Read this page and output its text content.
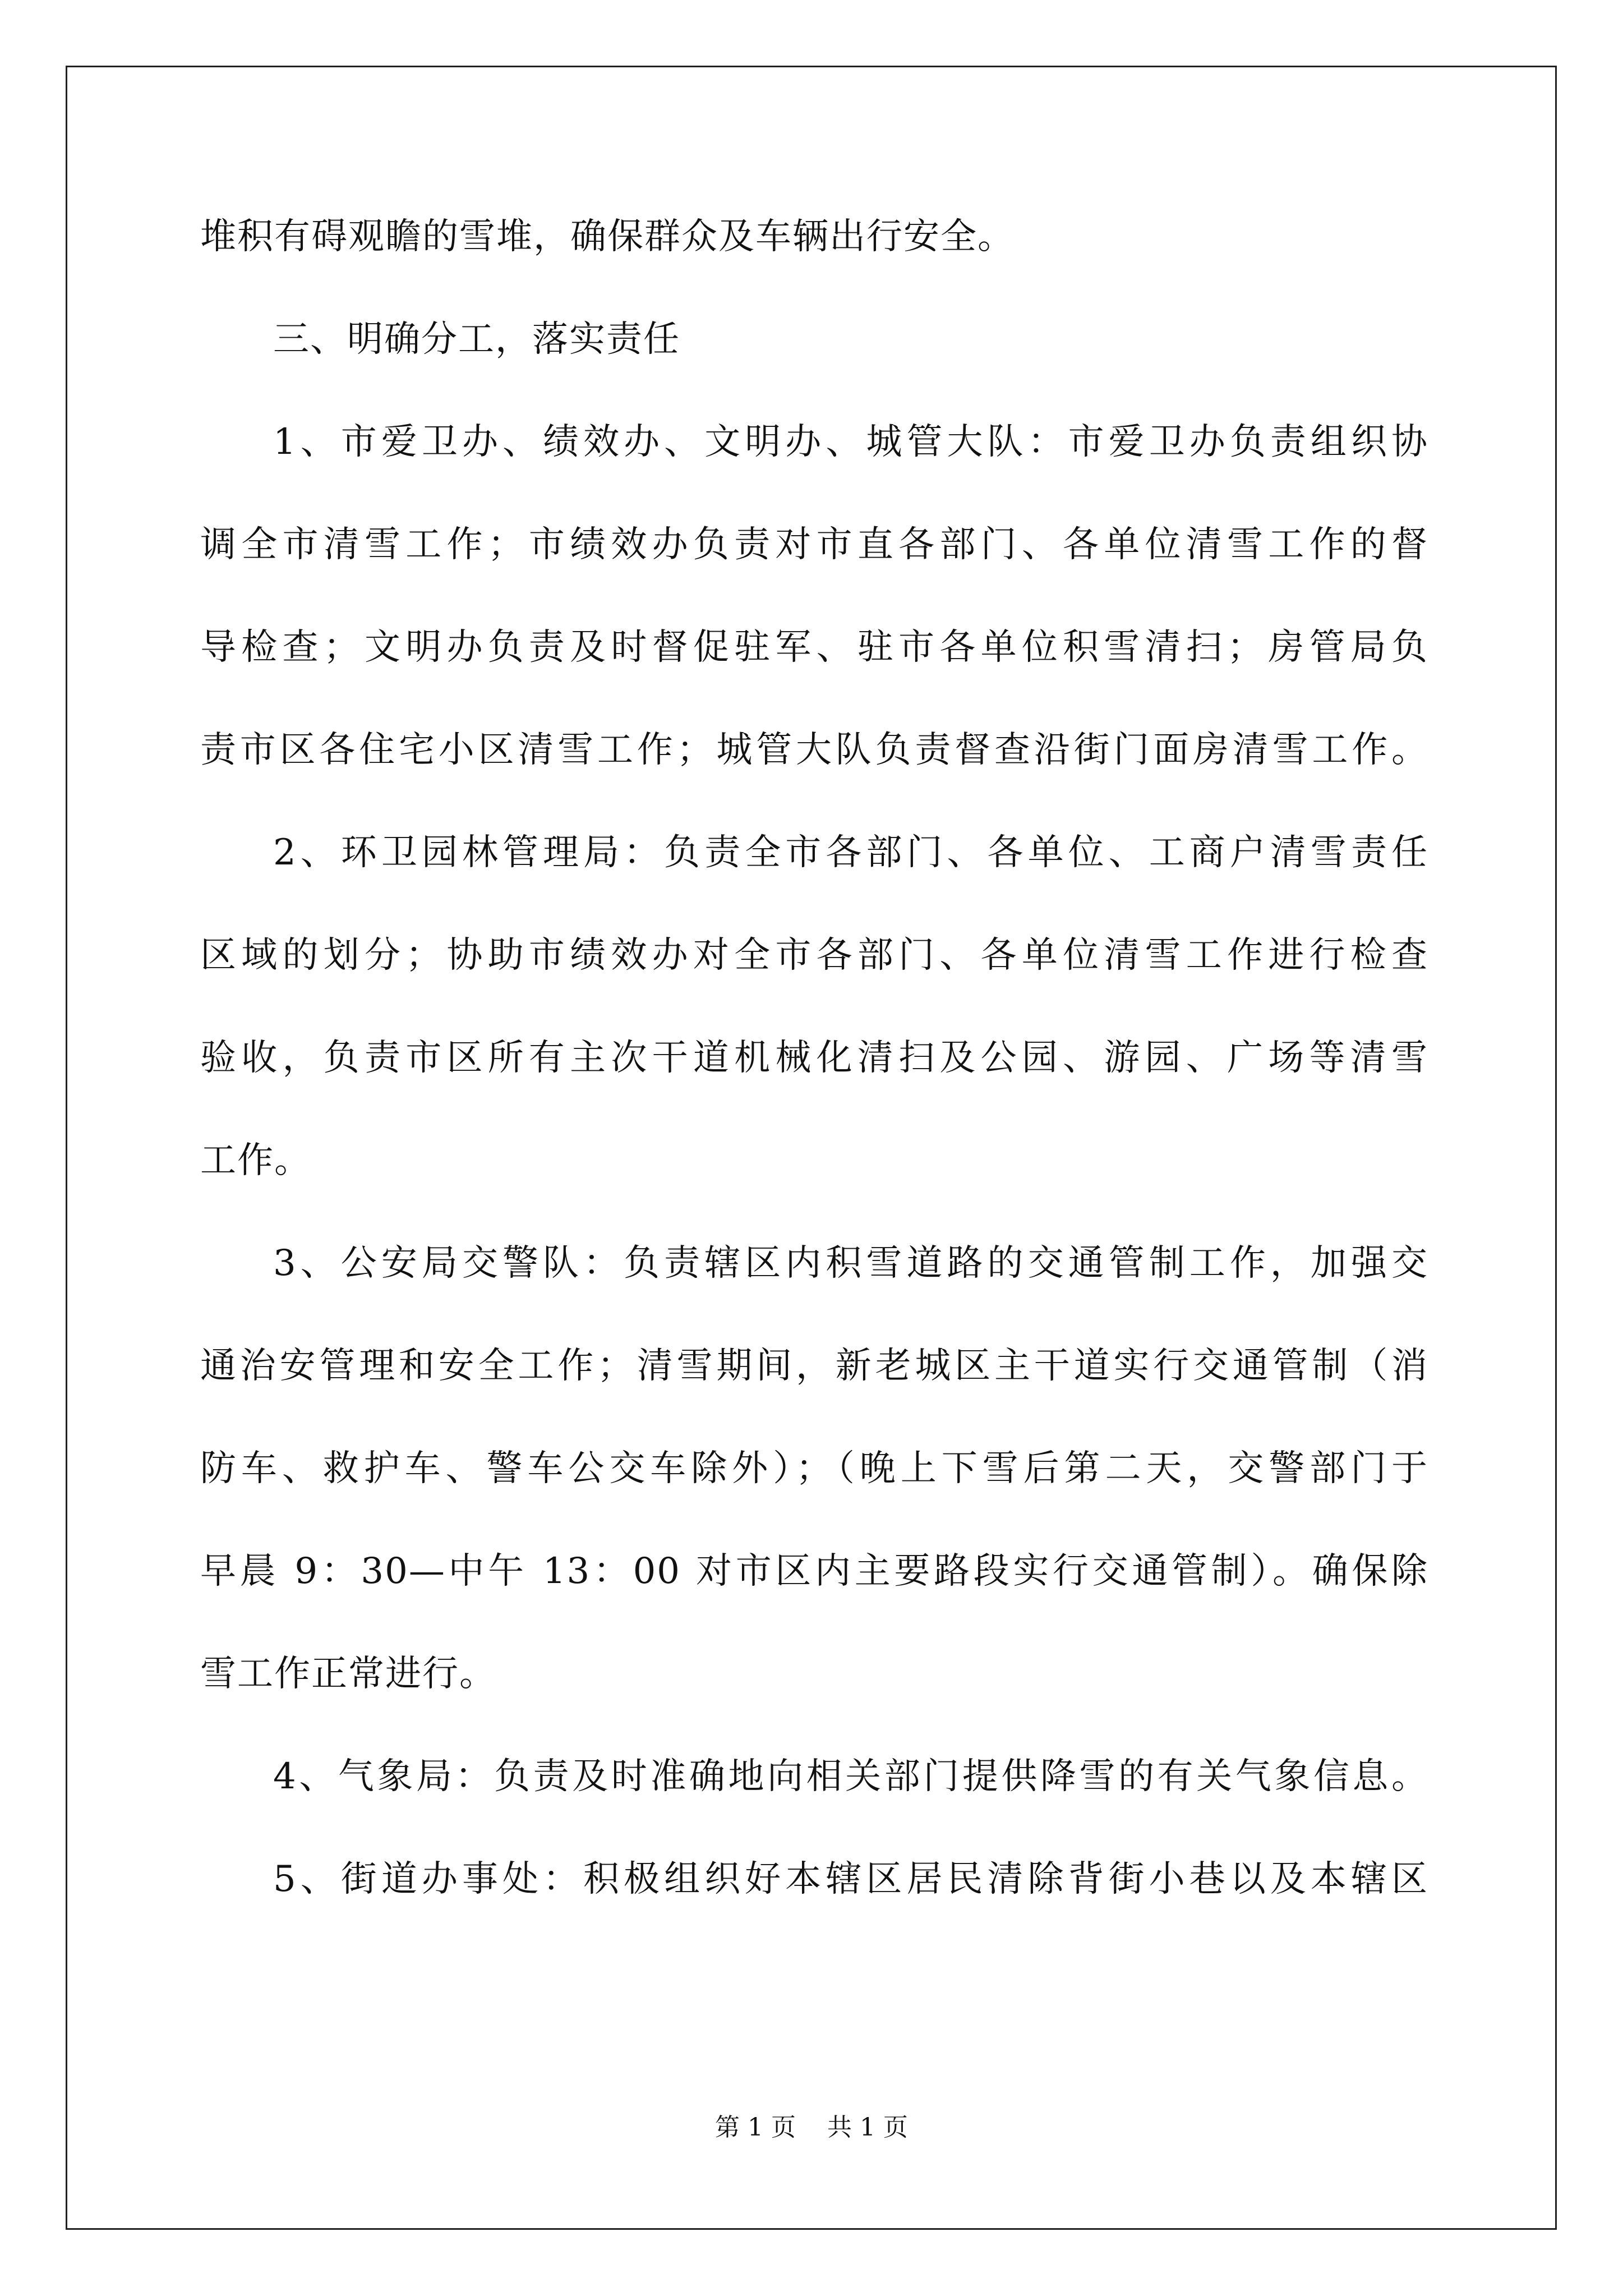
堆积有碍观瞻的雪堆，确保群众及车辆出行安全。
三、明确分工，落实责任
1、市爱卫办、绩效办、文明办、城管大队：市爱卫办负责组织协
调全市清雪工作；市绩效办负责对市直各部门、各单位清雪工作的督
导检查；文明办负责及时督促驻军、驻市各单位积雪清扫；房管局负
责市区各住宅小区清雪工作；城管大队负责督查沿街门面房清雪工作。
2、环卫园林管理局：负责全市各部门、各单位、工商户清雪责任
区域的划分；协助市绩效办对全市各部门、各单位清雪工作进行检查
验收，负责市区所有主次干道机械化清扫及公园、游园、广场等清雪
工作。
3、公安局交警队：负责辖区内积雪道路的交通管制工作，加强交
通治安管理和安全工作；清雪期间，新老城区主干道实行交通管制（消
防车、救护车、警车公交车除外）；（晚上下雪后第二天，交警部门于
早晨 9：30—中午 13：00 对市区内主要路段实行交通管制）。确保除
雪工作正常进行。
4、气象局：负责及时准确地向相关部门提供降雪的有关气象信息。
5、街道办事处：积极组织好本辖区居民清除背街小巷以及本辖区
第 1 页    共 1 页
